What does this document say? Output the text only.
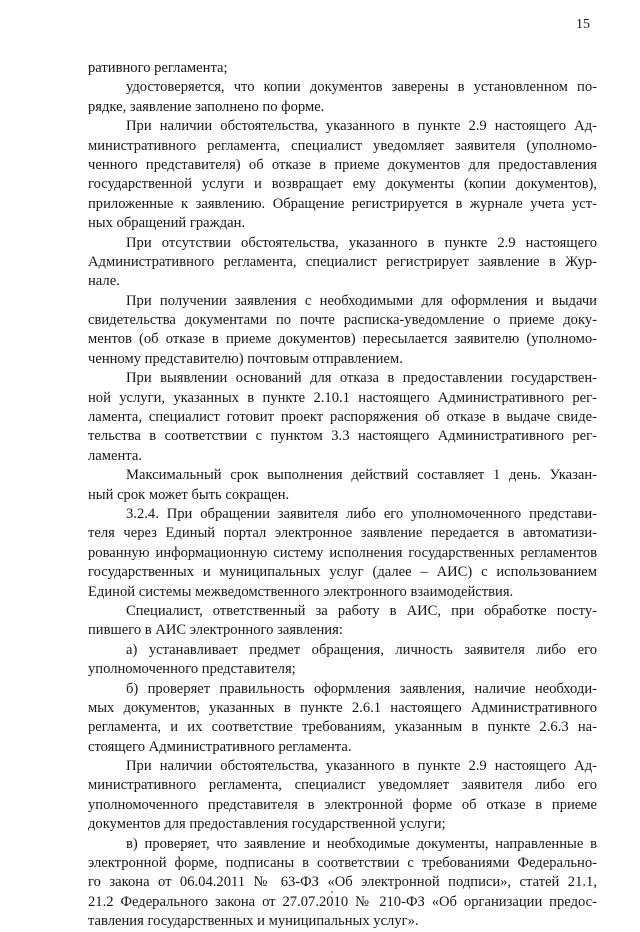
15
ративного регламента;
удостоверяется, что копии документов заверены в установленном по-
рядке, заявление заполнено по форме.
При наличии обстоятельства, указанного в пункте 2.9 настоящего Ад-
министративного регламента, специалист уведомляет заявителя (уполномо-
ченного представителя) об отказе в приеме документов для предоставления
государственной услуги и возвращает ему документы (копии документов),
приложенные к заявлению. Обращение регистрируется в журнале учета уст-
ных обращений граждан.
При отсутствии обстоятельства, указанного в пункте 2.9 настоящего
Административного регламента, специалист регистрирует заявление в Жур-
нале.
При получении заявления с необходимыми для оформления и выдачи
свидетельства документами по почте расписка-уведомление о приеме доку-
ментов (об отказе в приеме документов) пересылается заявителю (уполномо-
ченному представителю) почтовым отправлением.
При выявлении оснований для отказа в предоставлении государствен-
ной услуги, указанных в пункте 2.10.1 настоящего Административного рег-
ламента, специалист готовит проект распоряжения об отказе в выдаче свиде-
тельства в соответствии с пунктом 3.3 настоящего Административного рег-
ламента.
Максимальный срок выполнения действий составляет 1 день. Указан-
ный срок может быть сокращен.
3.2.4. При обращении заявителя либо его уполномоченного представи-
теля через Единый портал электронное заявление передается в автоматизи-
рованную информационную систему исполнения государственных регламентов
государственных и муниципальных услуг (далее – АИС) с использованием
Единой системы межведомственного электронного взаимодействия.
Специалист, ответственный за работу в АИС, при обработке посту-
пившего в АИС электронного заявления:
а) устанавливает предмет обращения, личность заявителя либо его
уполномоченного представителя;
б) проверяет правильность оформления заявления, наличие необходи-
мых документов, указанных в пункте 2.6.1 настоящего Административного
регламента, и их соответствие требованиям, указанным в пункте 2.6.3 на-
стоящего Административного регламента.
При наличии обстоятельства, указанного в пункте 2.9 настоящего Ад-
министративного регламента, специалист уведомляет заявителя либо его
уполномоченного представителя в электронной форме об отказе в приеме
документов для предоставления государственной услуги;
в) проверяет, что заявление и необходимые документы, направленные в
электронной форме, подписаны в соответствии с требованиями Федерально-
го закона от 06.04.2011 № 63-ФЗ «Об электронной подписи», статей 21.1,
21.2 Федерального закона от 27.07.2010 № 210-ФЗ «Об организации предос-
тавления государственных и муниципальных услуг».
